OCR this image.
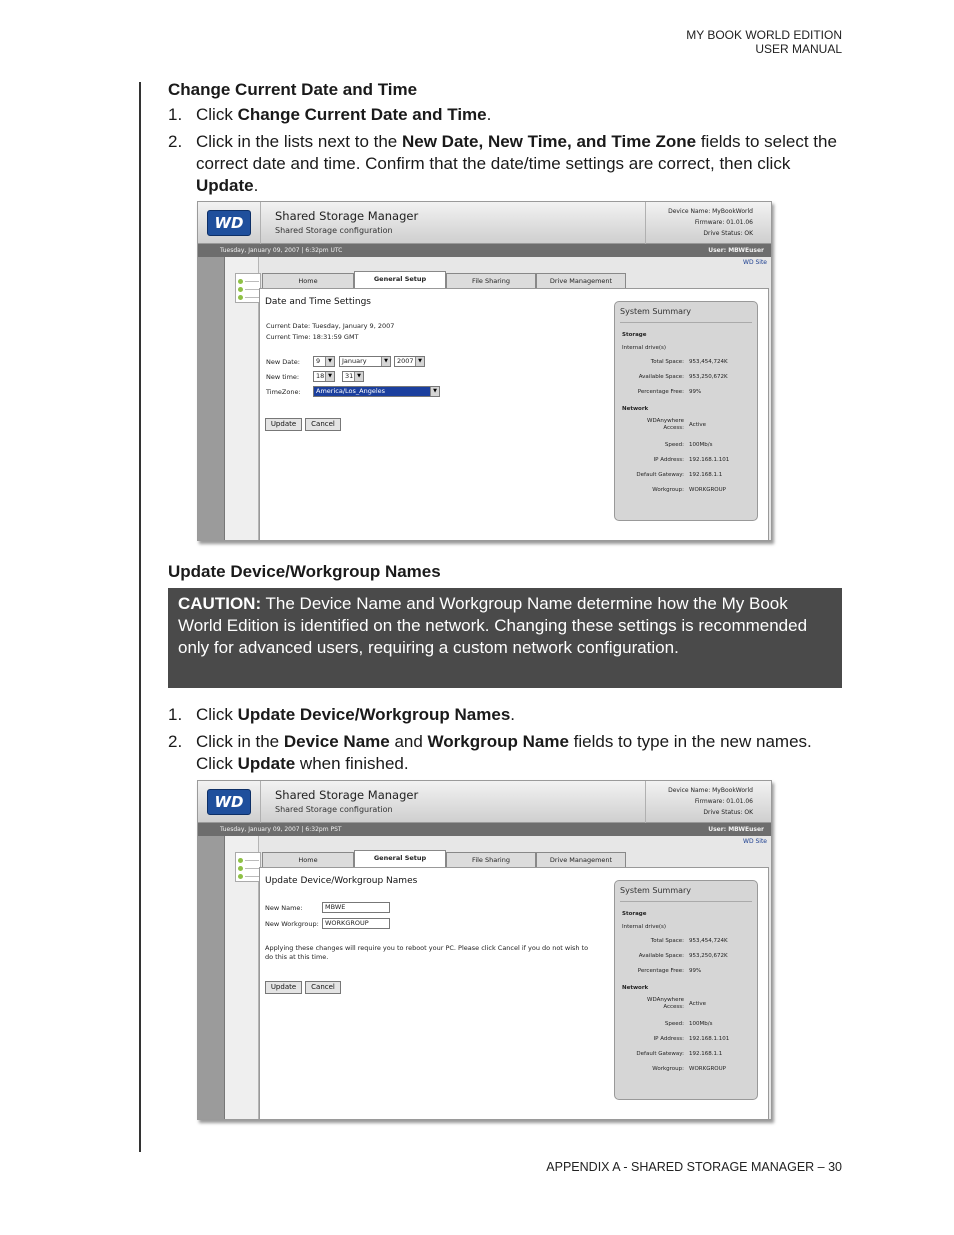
MY BOOK WORLD EDITION
USER MANUAL
Change Current Date and Time
1. Click Change Current Date and Time.
2. Click in the lists next to the New Date, New Time, and Time Zone fields to select the correct date and time. Confirm that the date/time settings are correct, then click Update.
WD	Shared Storage Manager
Shared Storage configuration
Device Name: MyBookWorld
Firmware: 01.01.06
Drive Status: OK
Tuesday, January 09, 2007 | 6:32pm UTC	User: MBWEuser
WD Site
Home	General Setup	File Sharing	Drive Management
Date and Time Settings
Current Date: Tuesday, January 9, 2007
Current Time: 18:31:59 GMT
New Date:	9	▼	January	▼	2007 ▼
New time:	18 ▼	31 ▼
TimeZone:	America/Los_Angeles	▼
Update	Cancel
System Summary
Storage
Internal drive(s)
Total Space: 953,454,724K
Available Space: 953,250,672K
Percentage Free: 99%
Network
WDAnywhere
Access: Active
Speed: 100Mb/s
IP Address: 192.168.1.101
Default Gateway: 192.168.1.1
Workgroup: WORKGROUP
Update Device/Workgroup Names
CAUTION: The Device Name and Workgroup Name determine how the My Book World Edition is identified on the network. Changing these settings is recommended only for advanced users, requiring a custom network configuration.
1. Click Update Device/Workgroup Names.
2. Click in the Device Name and Workgroup Name fields to type in the new names. Click Update when finished.
WD	Shared Storage Manager
Shared Storage configuration
Device Name: MyBookWorld
Firmware: 01.01.06
Drive Status: OK
Tuesday, January 09, 2007 | 6:32pm PST	User: MBWEuser
WD Site
Home	General Setup	File Sharing	Drive Management
Update Device/Workgroup Names
New Name:	MBWE
New Workgroup: WORKGROUP
Applying these changes will require you to reboot your PC. Please click Cancel if you do not wish to
do this at this time.
Update	Cancel
System Summary
Storage
Internal drive(s)
Total Space: 953,454,724K
Available Space: 953,250,672K
Percentage Free: 99%
Network
WDAnywhere
Access: Active
Speed: 100Mb/s
IP Address: 192.168.1.101
Default Gateway: 192.168.1.1
Workgroup: WORKGROUP
APPENDIX A - SHARED STORAGE MANAGER – 30
